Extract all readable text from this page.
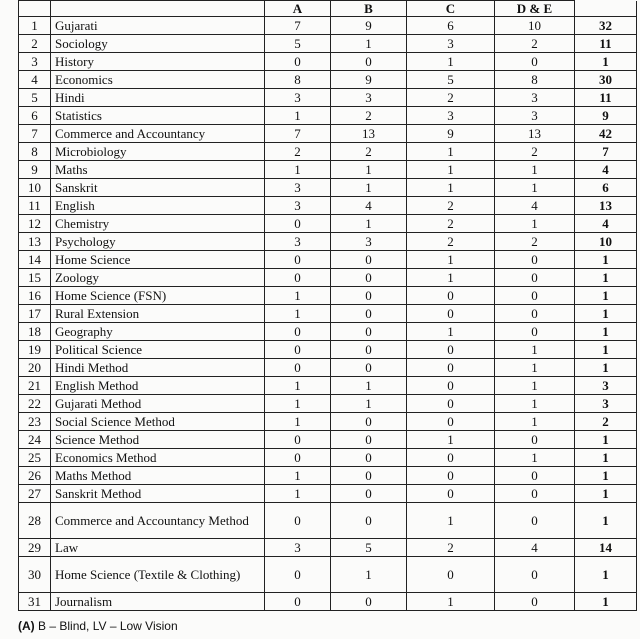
		A	B	C	D & E	
1	Gujarati	7	9	6	10	32
2	Sociology	5	1	3	2	11
3	History	0	0	1	0	1
4	Economics	8	9	5	8	30
5	Hindi	3	3	2	3	11
6	Statistics	1	2	3	3	9
7	Commerce and Accountancy	7	13	9	13	42
8	Microbiology	2	2	1	2	7
9	Maths	1	1	1	1	4
10	Sanskrit	3	1	1	1	6
11	English	3	4	2	4	13
12	Chemistry	0	1	2	1	4
13	Psychology	3	3	2	2	10
14	Home Science	0	0	1	0	1
15	Zoology	0	0	1	0	1
16	Home Science (FSN)	1	0	0	0	1
17	Rural Extension	1	0	0	0	1
18	Geography	0	0	1	0	1
19	Political Science	0	0	0	1	1
20	Hindi Method	0	0	0	1	1
21	English Method	1	1	0	1	3
22	Gujarati Method	1	1	0	1	3
23	Social Science Method	1	0	0	1	2
24	Science Method	0	0	1	0	1
25	Economics Method	0	0	0	1	1
26	Maths Method	1	0	0	0	1
27	Sanskrit Method	1	0	0	0	1
28	Commerce and Accountancy Method	0	0	1	0	1
29	Law	3	5	2	4	14
30	Home Science (Textile & Clothing)	0	1	0	0	1
31	Journalism	0	0	1	0	1
(A) B – Blind, LV – Low Vision
